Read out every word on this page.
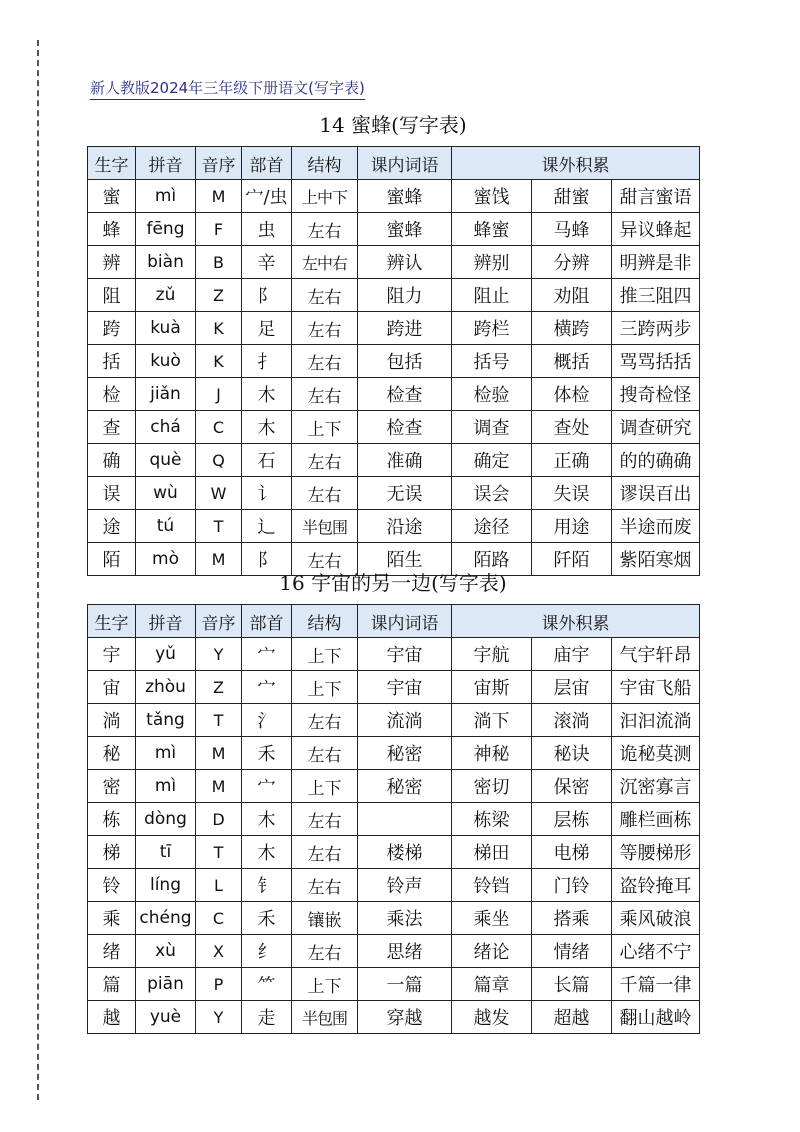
新人教版2024年三年级下册语文(写字表)
14 蜜蜂(写字表)
生字	拼音	音序	部首	结构	课内词语	课外积累		
蜜	mì	M	宀/虫	上中下	蜜蜂	蜜饯	甜蜜	甜言蜜语
蜂	fēng	F	虫	左右	蜜蜂	蜂蜜	马蜂	异议蜂起
辨	biàn	B	辛	左中右	辨认	辨别	分辨	明辨是非
阻	zǔ	Z	阝	左右	阻力	阻止	劝阻	推三阻四
跨	kuà	K	足	左右	跨进	跨栏	横跨	三跨两步
括	kuò	K	扌	左右	包括	括号	概括	骂骂括括
检	jiǎn	J	木	左右	检查	检验	体检	搜奇检怪
查	chá	C	木	上下	检查	调查	查处	调查研究
确	què	Q	石	左右	准确	确定	正确	的的确确
误	wù	W	讠	左右	无误	误会	失误	谬误百出
途	tú	T	辶	半包围	沿途	途径	用途	半途而废
陌	mò	M	阝	左右	陌生	陌路	阡陌	紫陌寒烟
16 宇宙的另一边(写字表)
生字	拼音	音序	部首	结构	课内词语	课外积累		
宇	yǔ	Y	宀	上下	宇宙	宇航	庙宇	气宇轩昂
宙	zhòu	Z	宀	上下	宇宙	宙斯	层宙	宇宙飞船
淌	tǎng	T	氵	左右	流淌	淌下	滚淌	汩汩流淌
秘	mì	M	禾	左右	秘密	神秘	秘诀	诡秘莫测
密	mì	M	宀	上下	秘密	密切	保密	沉密寡言
栋	dòng	D	木	左右		栋梁	层栋	雕栏画栋
梯	tī	T	木	左右	楼梯	梯田	电梯	等腰梯形
铃	líng	L	钅	左右	铃声	铃铛	门铃	盗铃掩耳
乘	chéng	C	禾	镶嵌	乘法	乘坐	搭乘	乘风破浪
绪	xù	X	纟	左右	思绪	绪论	情绪	心绪不宁
篇	piān	P	⺮	上下	一篇	篇章	长篇	千篇一律
越	yuè	Y	走	半包围	穿越	越发	超越	翻山越岭
